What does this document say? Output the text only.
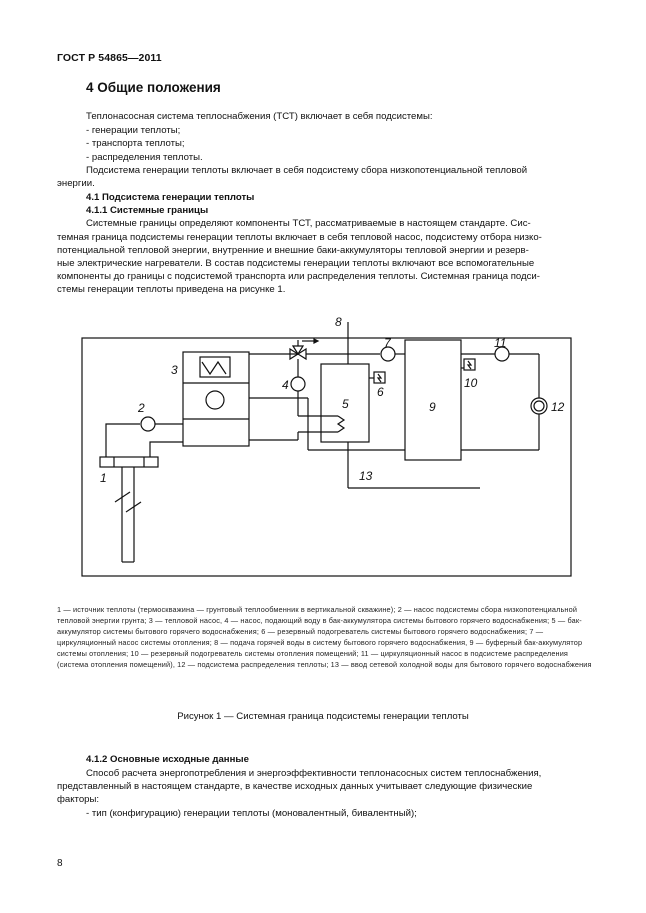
ГОСТ Р 54865—2011
4 Общие положения
Теплонасосная система теплоснабжения (ТСТ) включает в себя подсистемы:
- генерации теплоты;
- транспорта теплоты;
- распределения теплоты.
Подсистема генерации теплоты включает в себя подсистему сбора низкопотенциальной тепловой
энергии.
4.1 Подсистема генерации теплоты
4.1.1 Системные границы
Системные границы определяют компоненты ТСТ, рассматриваемые в настоящем стандарте. Сис-
темная граница подсистемы генерации теплоты включает в себя тепловой насос, подсистему отбора низко-
потенциальной тепловой энергии, внутренние и внешние баки-аккумуляторы тепловой энергии и резерв-
ные электрические нагреватели. В состав подсистемы генерации теплоты включают все вспомогательные
компоненты до границы с подсистемой транспорта или распределения теплоты. Системная граница подси-
стемы генерации теплоты приведена на рисунке 1.
1
2
3
4
5
6
7
8
9
10
11
12
13
1 — источник теплоты (термоскважина — грунтовый теплообменник в вертикальной скважине); 2 — насос подсистемы сбора низкопотенциальной тепловой энергии грунта; 3 — тепловой насос, 4 — насос, подающий воду в бак-аккумулятора системы бытового горячего водоснабжения; 5 — бак-аккумулятор системы бытового горячего водоснабжения; 6 — резервный подогреватель системы бытового горячего водоснабжения; 7 — циркуляционный насос системы отопления; 8 — подача горячей воды в систему бытового горячего водоснабжения, 9 — буферный бак-аккумулятор системы отопления; 10 — резервный подогреватель системы отопления помещений; 11 — циркуляционный насос в подсистеме распределения (система отопления помещений), 12 — подсистема распределения теплоты; 13 — ввод сетевой холодной воды для бытового горячего водоснабжения
Рисунок 1 — Системная граница подсистемы генерации теплоты
4.1.2 Основные исходные данные
Способ расчета энергопотребления и энергоэффективности теплонасосных систем теплоснабжения,
представленный в настоящем стандарте, в качестве исходных данных учитывает следующие физические
факторы:
- тип (конфигурацию) генерации теплоты (моновалентный, бивалентный);
8
